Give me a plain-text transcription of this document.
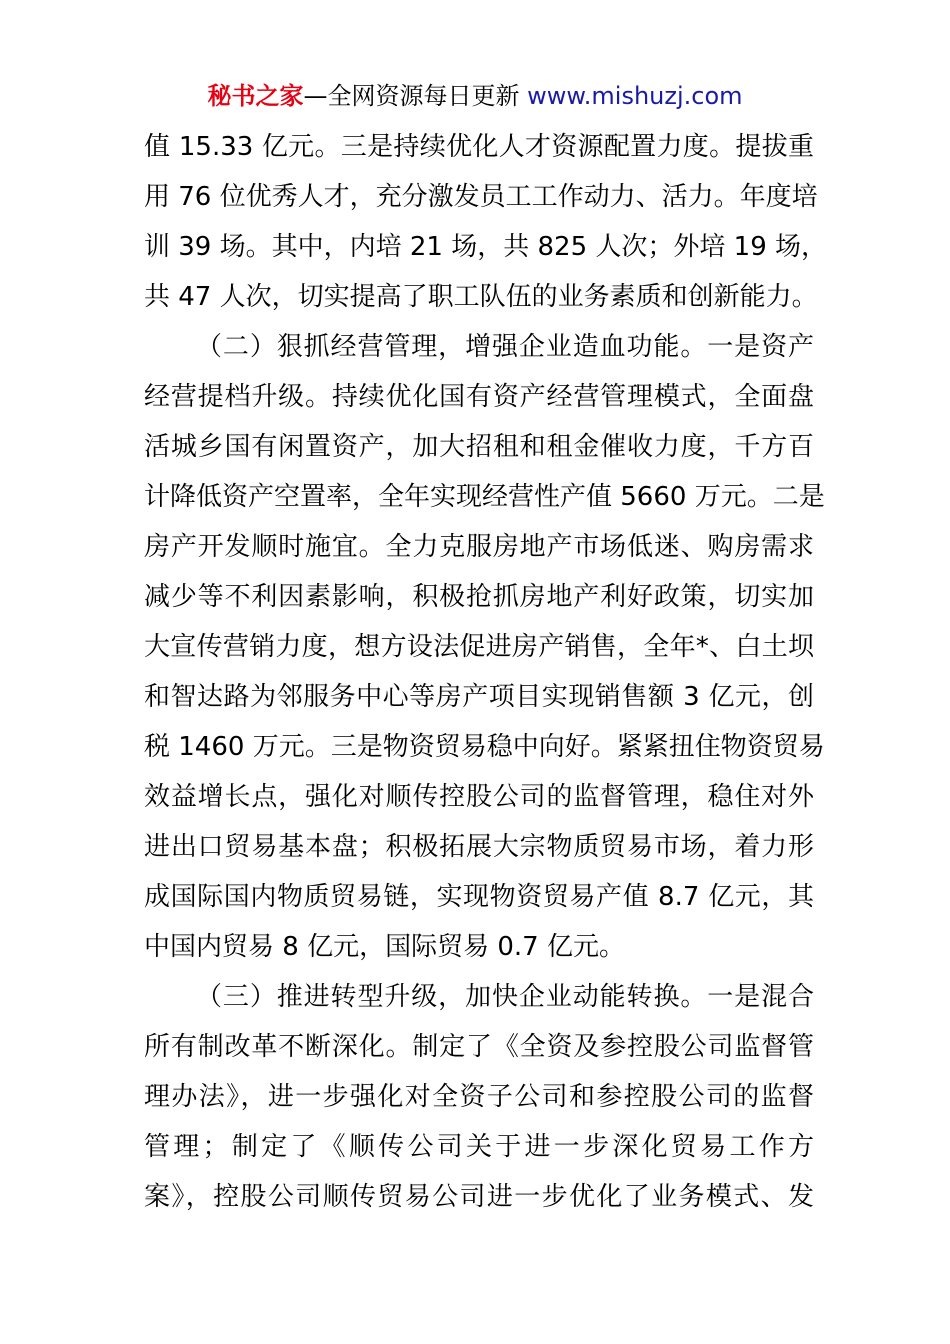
秘书之家—全网资源每日更新 www.mishuzj.com
值 15.33 亿元。三是持续优化人才资源配置力度。提拔重
用 76 位优秀人才，充分激发员工工作动力、活力。年度培
训 39 场。其中，内培 21 场，共 825 人次；外培 19 场，
共 47 人次，切实提高了职工队伍的业务素质和创新能力。
（二）狠抓经营管理，增强企业造血功能。一是资产
经营提档升级。持续优化国有资产经营管理模式，全面盘
活城乡国有闲置资产，加大招租和租金催收力度，千方百
计降低资产空置率，全年实现经营性产值 5660 万元。二是
房产开发顺时施宜。全力克服房地产市场低迷、购房需求
减少等不利因素影响，积极抢抓房地产利好政策，切实加
大宣传营销力度，想方设法促进房产销售，全年*、白土坝
和智达路为邻服务中心等房产项目实现销售额 3 亿元，创
税 1460 万元。三是物资贸易稳中向好。紧紧扭住物资贸易
效益增长点，强化对顺传控股公司的监督管理，稳住对外
进出口贸易基本盘；积极拓展大宗物质贸易市场，着力形
成国际国内物质贸易链，实现物资贸易产值 8.7 亿元，其
中国内贸易 8 亿元，国际贸易 0.7 亿元。
（三）推进转型升级，加快企业动能转换。一是混合
所有制改革不断深化。制定了《全资及参控股公司监督管
理办法》，进一步强化对全资子公司和参控股公司的监督
管理；制定了《顺传公司关于进一步深化贸易工作方
案》，控股公司顺传贸易公司进一步优化了业务模式、发
